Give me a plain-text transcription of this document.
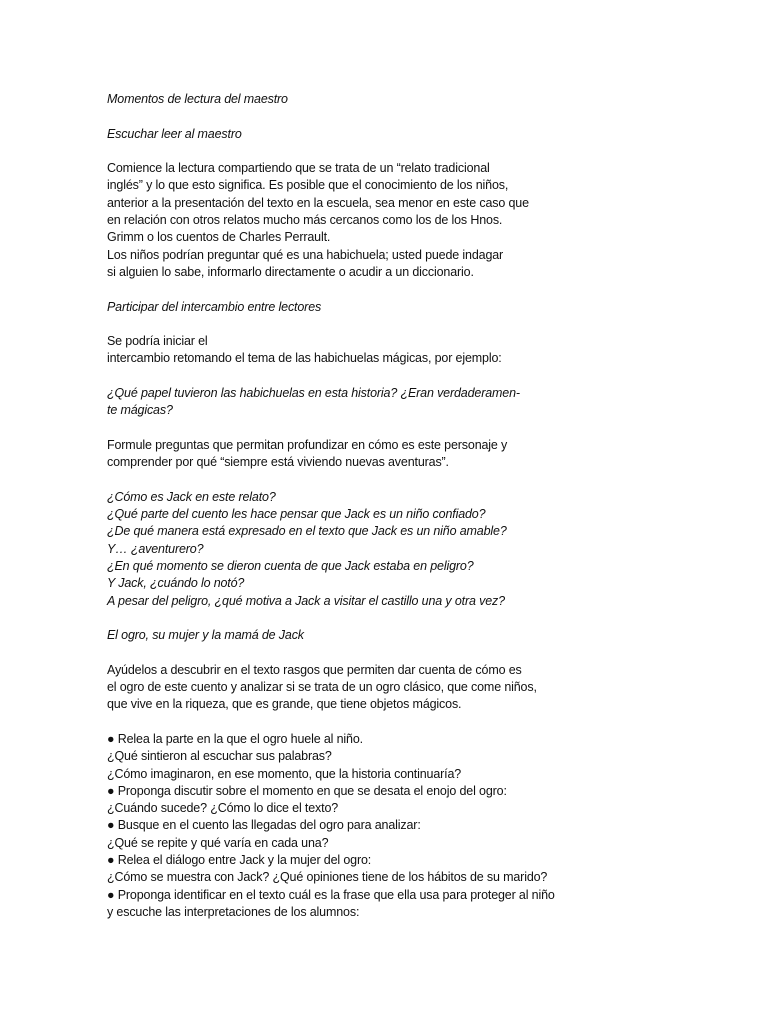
Momentos de lectura del maestro
Escuchar leer al maestro
Comience la lectura compartiendo que se trata de un “relato tradicional
inglés” y lo que esto significa. Es posible que el conocimiento de los niños,
anterior a la presentación del texto en la escuela, sea menor en este caso que
en relación con otros relatos mucho más cercanos como los de los Hnos.
Grimm o los cuentos de Charles Perrault.
Los niños podrían preguntar qué es una habichuela; usted puede indagar
si alguien lo sabe, informarlo directamente o acudir a un diccionario.
Participar del intercambio entre lectores
Se podría iniciar el
intercambio retomando el tema de las habichuelas mágicas, por ejemplo:
¿Qué papel tuvieron las habichuelas en esta historia? ¿Eran verdaderamen-
te mágicas?
Formule preguntas que permitan profundizar en cómo es este personaje y
comprender por qué “siempre está viviendo nuevas aventuras”.
¿Cómo es Jack en este relato?
¿Qué parte del cuento les hace pensar que Jack es un niño confiado?
¿De qué manera está expresado en el texto que Jack es un niño amable?
Y… ¿aventurero?
¿En qué momento se dieron cuenta de que Jack estaba en peligro?
Y Jack, ¿cuándo lo notó?
A pesar del peligro, ¿qué motiva a Jack a visitar el castillo una y otra vez?
El ogro, su mujer y la mamá de Jack
Ayúdelos a descubrir en el texto rasgos que permiten dar cuenta de cómo es
el ogro de este cuento y analizar si se trata de un ogro clásico, que come niños,
que vive en la riqueza, que es grande, que tiene objetos mágicos.
● Relea la parte en la que el ogro huele al niño.
¿Qué sintieron al escuchar sus palabras?
¿Cómo imaginaron, en ese momento, que la historia continuaría?
● Proponga discutir sobre el momento en que se desata el enojo del ogro:
¿Cuándo sucede? ¿Cómo lo dice el texto?
● Busque en el cuento las llegadas del ogro para analizar:
¿Qué se repite y qué varía en cada una?
● Relea el diálogo entre Jack y la mujer del ogro:
¿Cómo se muestra con Jack? ¿Qué opiniones tiene de los hábitos de su marido?
● Proponga identificar en el texto cuál es la frase que ella usa para proteger al niño
y escuche las interpretaciones de los alumnos:
